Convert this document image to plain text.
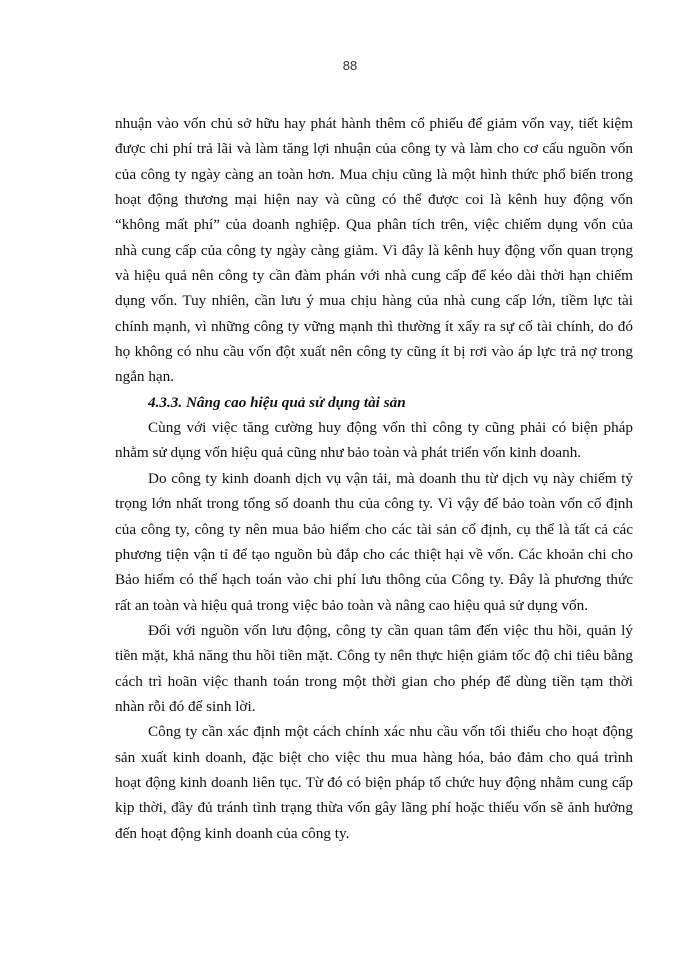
88

nhuận vào vốn chủ sở hữu hay phát hành thêm cổ phiếu để giảm vốn vay, tiết kiệm
được chi phí trả lãi và làm tăng lợi nhuận của công ty và làm cho cơ cấu nguồn vốn
của công ty ngày càng an toàn hơn. Mua chịu cũng là một hình thức phổ biến trong
hoạt động thương mại hiện nay và cũng có thể được coi là kênh huy động vốn
“không mất phí” của doanh nghiệp. Qua phân tích trên, việc chiếm dụng vốn của
nhà cung cấp của công ty ngày càng giảm. Vì đây là kênh huy động vốn quan trọng
và hiệu quả nên công ty cần đàm phán với nhà cung cấp để kéo dài thời hạn chiếm
dụng vốn. Tuy nhiên, cần lưu ý mua chịu hàng của nhà cung cấp lớn, tiềm lực tài
chính mạnh, vì những công ty vững mạnh thì thường ít xẩy ra sự cố tài chính, do đó
họ không có nhu cầu vốn đột xuất nên công ty cũng ít bị rơi vào áp lực trả nợ trong
ngắn hạn.

4.3.3. Nâng cao hiệu quả sử dụng tài sản

Cùng với việc tăng cường huy động vốn thì công ty cũng phải có biện pháp
nhằm sử dụng vốn hiệu quả cũng như bảo toàn và phát triển vốn kinh doanh.

Do công ty kinh doanh dịch vụ vận tải, mà doanh thu từ dịch vụ này chiếm tỷ
trọng lớn nhất trong tổng số doanh thu của công ty. Vì vậy để bảo toàn vốn cố định
của công ty, công ty nên mua bảo hiểm cho các tài sản cố định, cụ thể là tất cả các
phương tiện vận tỉ để tạo nguồn bù đắp cho các thiệt hại về vốn. Các khoản chi cho
Bảo hiểm có thể hạch toán vào chi phí lưu thông của Công ty. Đây là phương thức
rất an toàn và hiệu quả trong việc bảo toàn và nâng cao hiệu quả sử dụng vốn.

Đối với nguồn vốn lưu động, công ty cần quan tâm đến việc thu hồi, quản lý
tiền mặt, khả năng thu hồi tiền mặt. Công ty nên thực hiện giảm tốc độ chi tiêu bằng
cách trì hoãn việc thanh toán trong một thời gian cho phép để dùng tiền tạm thời
nhàn rỗi đó để sinh lời.

Công ty cần xác định một cách chính xác nhu cầu vốn tối thiểu cho hoạt động
sản xuất kinh doanh, đặc biệt cho việc thu mua hàng hóa, bảo đảm cho quá trình
hoạt động kinh doanh liên tục. Từ đó có biện pháp tổ chức huy động nhằm cung cấp
kịp thời, đầy đủ tránh tình trạng thừa vốn gây lãng phí hoặc thiếu vốn sẽ ảnh hưởng
đến hoạt động kinh doanh của công ty.
